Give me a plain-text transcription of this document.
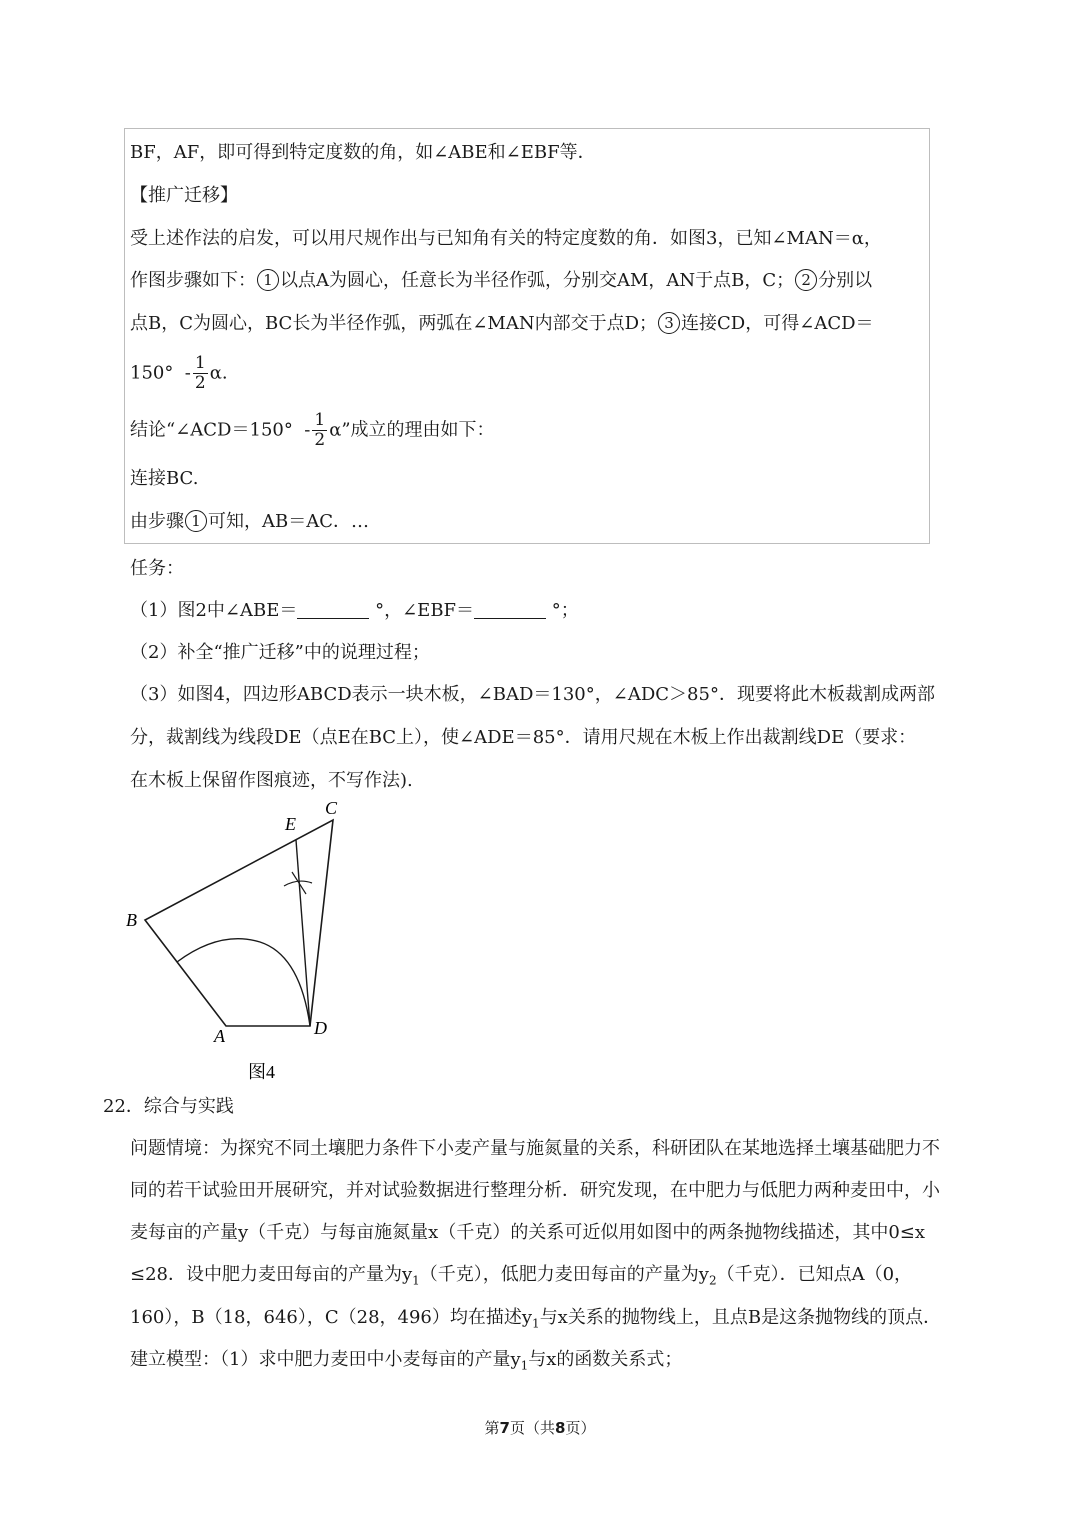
BF，AF，即可得到特定度数的角，如∠ABE和∠EBF等．
【推广迁移】
受上述作法的启发，可以用尺规作出与已知角有关的特定度数的角．如图3，已知∠MAN＝α，
作图步骤如下： 1 以点A为圆心，任意长为半径作弧，分别交AM，AN于点B，C； 2 分别以
点B，C为圆心，BC长为半径作弧，两弧在∠MAN内部交于点D； 3 连接CD，可得∠ACD＝
$150^\circ - \frac{1}{2} \alpha$.
结论“∠ACD＝150°  - $\frac{1}{2} \alpha$”成立的理由如下：
连接BC.
由步骤 1 可知，AB＝AC．…
任务：
（1）图2中∠ABE＝	°，∠EBF＝	°；
（2）补全“推广迁移”中的说理过程；
（3）如图4，四边形ABCD表示一块木板，∠BAD＝130°，∠ADC＞85°．现要将此木板裁割成两部
分，裁割线为线段DE（点E在BC上），使∠ADE＝85°．请用尺规在木板上作出裁割线DE（要求：
在木板上保留作图痕迹，不写作法).
B
A	D
C
E
图4
22．综合与实践
问题情境：为探究不同土壤肥力条件下小麦产量与施氮量的关系，科研团队在某地选择土壤基础肥力不
同的若干试验田开展研究，并对试验数据进行整理分析．研究发现，在中肥力与低肥力两种麦田中，小
麦每亩的产量y（千克）与每亩施氮量x（千克）的关系可近似用如图中的两条抛物线描述，其中0≤x
≤28．设中肥力麦田每亩的产量为$y_1$（千克），低肥力麦田每亩的产量为$y_2$（千克）．已知点A（0，
160），B（18，646），C（28，496）均在描述$y_1$与x关系的抛物线上，且点B是这条抛物线的顶点．
建立模型：（1）求中肥力麦田中小麦每亩的产量$y_1$与x的函数关系式；
第7页（共8页）
